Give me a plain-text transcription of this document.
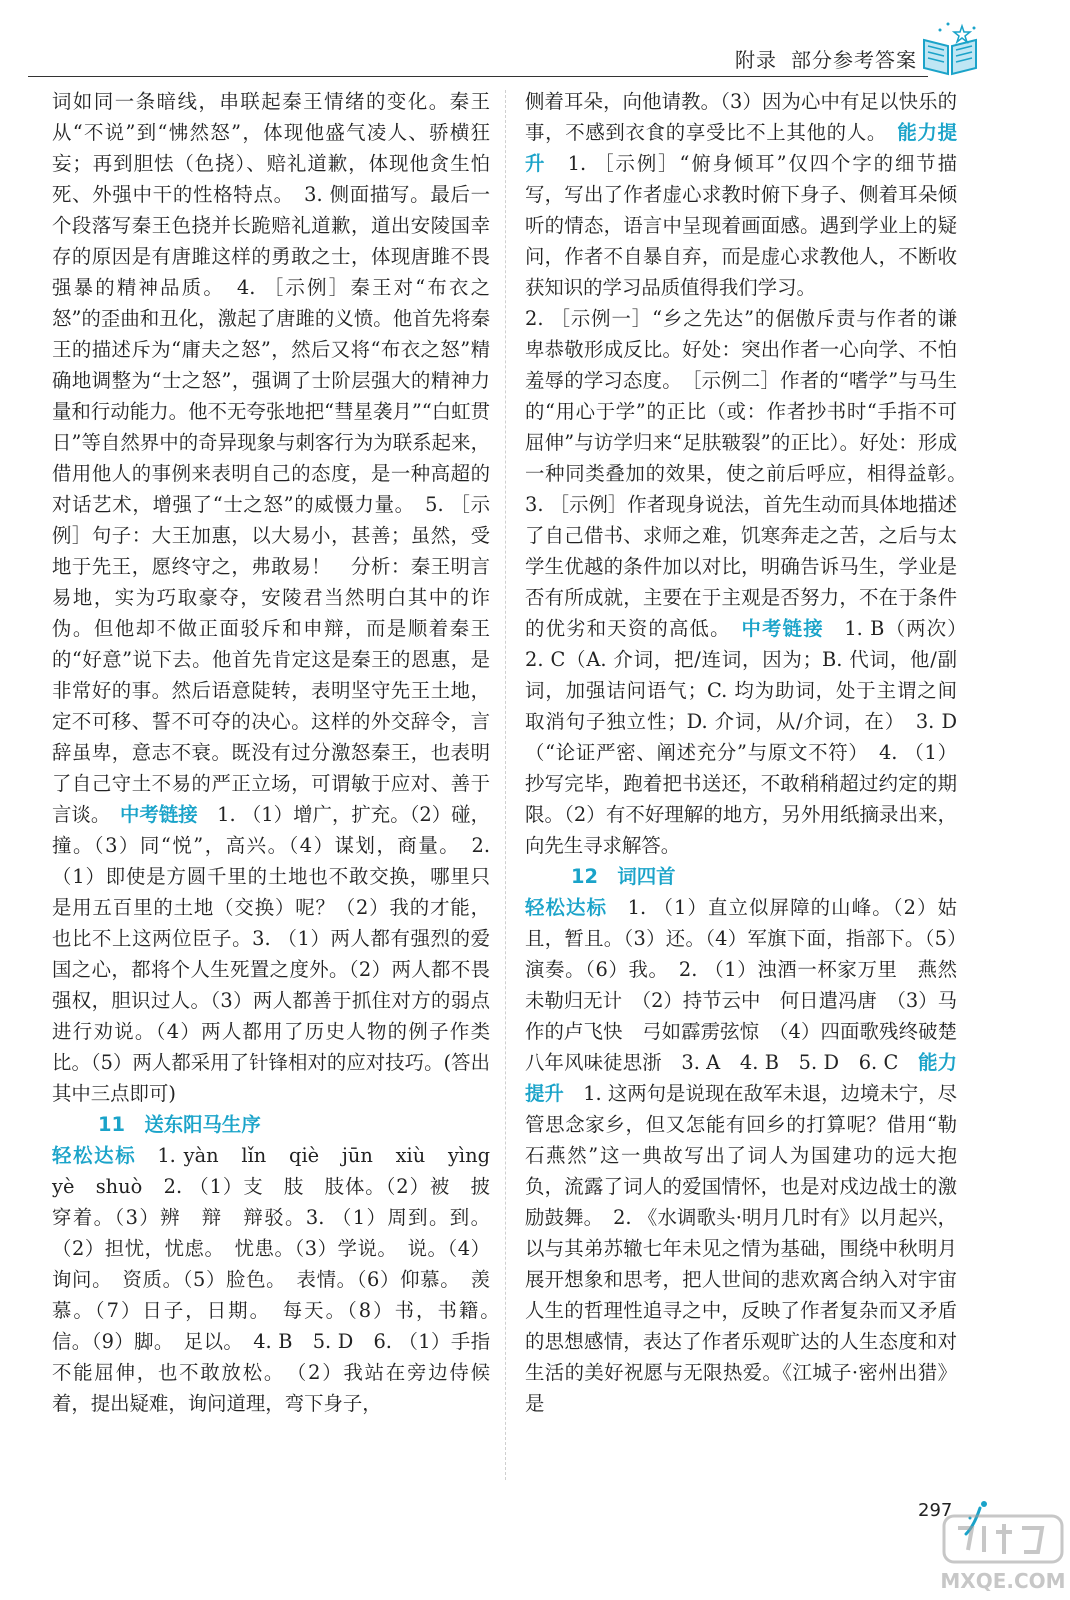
附录 部分参考答案

词如同一条暗线，串联起秦王情绪的变化。秦王从“不说”到“怫然怒”，体现他盛气凌人、骄横狂妄；再到胆怯（色挠）、赔礼道歉，体现他贪生怕死、外强中干的性格特点。　3. 侧面描写。最后一个段落写秦王色挠并长跪赔礼道歉，道出安陵国幸存的原因是有唐雎这样的勇敢之士，体现唐雎不畏强暴的精神品质。　4. ［示例］秦王对“布衣之怒”的歪曲和丑化，激起了唐雎的义愤。他首先将秦王的描述斥为“庸夫之怒”，然后又将“布衣之怒”精确地调整为“士之怒”，强调了士阶层强大的精神力量和行动能力。他不无夸张地把“彗星袭月”“白虹贯日”等自然界中的奇异现象与刺客行为为联系起来，借用他人的事例来表明自己的态度，是一种高超的对话艺术，增强了“士之怒”的威慑力量。　5. ［示例］句子：大王加惠，以大易小，甚善；虽然，受地于先王，愿终守之，弗敢易！　分析：秦王明言易地，实为巧取豪夺，安陵君当然明白其中的诈伪。但他却不做正面驳斥和申辩，而是顺着秦王的“好意”说下去。他首先肯定这是秦王的恩惠，是非常好的事。然后语意陡转，表明坚守先王土地，定不可移、誓不可夺的决心。这样的外交辞令，言辞虽卑，意志不衰。既没有过分激怒秦王，也表明了自己守土不易的严正立场，可谓敏于应对、善于言谈。　中考链接　1. （1）增广，扩充。（2）碰，撞。（3）同“悦”，高兴。（4）谋划，商量。　2. （1）即使是方圆千里的土地也不敢交换，哪里只是用五百里的土地（交换）呢？（2）我的才能，也比不上这两位臣子。3. （1）两人都有强烈的爱国之心，都将个人生死置之度外。（2）两人都不畏强权，胆识过人。（3）两人都善于抓住对方的弱点进行劝说。（4）两人都用了历史人物的例子作类比。（5）两人都采用了针锋相对的应对技巧。(答出其中三点即可)

11　送东阳马生序

轻松达标　1. yàn　lǐn　qiè　jūn　xiù　yìng　yè　shuò　2. （1）支　肢　肢体。（2）被　披　穿着。（3）辨　辩　辩驳。3. （1）周到。到。（2）担忧，忧虑。　忧患。（3）学说。　说。（4）询问。　资质。（5）脸色。　表情。（6）仰慕。　羡慕。（7）日子，日期。　每天。（8）书，书籍。　信。（9）脚。　足以。　4. B　5. D　6. （1）手指不能屈伸，也不敢放松。　（2）我站在旁边侍候着，提出疑难，询问道理，弯下身子，

侧着耳朵，向他请教。（3）因为心中有足以快乐的事，不感到衣食的享受比不上其他的人。　能力提升　1. ［示例］“俯身倾耳”仅四个字的细节描写，写出了作者虚心求教时俯下身子、侧着耳朵倾听的情态，语言中呈现着画面感。遇到学业上的疑问，作者不自暴自弃，而是虚心求教他人，不断收获知识的学习品质值得我们学习。

2. ［示例一］“乡之先达”的倨傲斥责与作者的谦卑恭敬形成反比。好处：突出作者一心向学、不怕羞辱的学习态度。　［示例二］作者的“嗜学”与马生的“用心于学”的正比（或：作者抄书时“手指不可屈伸”与访学归来“足肤皲裂”的正比）。好处：形成一种同类叠加的效果，使之前后呼应，相得益彰。　3. ［示例］作者现身说法，首先生动而具体地描述了自己借书、求师之难，饥寒奔走之苦，之后与太学生优越的条件加以对比，明确告诉马生，学业是否有所成就，主要在于主观是否努力，不在于条件的优劣和天资的高低。　中考链接　1. B（两次）　2. C（A. 介词，把/连词，因为；B. 代词，他/副词，加强诘问语气；C. 均为助词，处于主谓之间取消句子独立性；D. 介词，从/介词，在）　3. D（“论证严密、阐述充分”与原文不符）　4. （1）抄写完毕，跑着把书送还，不敢稍稍超过约定的期限。（2）有不好理解的地方，另外用纸摘录出来，向先生寻求解答。

12　词四首

轻松达标　1. （1）直立似屏障的山峰。（2）姑且，暂且。（3）还。（4）军旗下面，指部下。（5）演奏。（6）我。　2. （1）浊酒一杯家万里　燕然未勒归无计　（2）持节云中　何日遣冯唐　（3）马作的卢飞快　弓如霹雳弦惊　（4）四面歌残终破楚　八年风味徒思浙　3. A　4. B　5. D　6. C　能力提升　1. 这两句是说现在敌军未退，边境未宁，尽管思念家乡，但又怎能有回乡的打算呢？借用“勒石燕然”这一典故写出了词人为国建功的远大抱负，流露了词人的爱国情怀，也是对戍边战士的激励鼓舞。　2. 《水调歌头·明月几时有》以月起兴，以与其弟苏辙七年未见之情为基础，围绕中秋明月展开想象和思考，把人世间的悲欢离合纳入对宇宙人生的哲理性追寻之中，反映了作者复杂而又矛盾的思想感情，表达了作者乐观旷达的人生态度和对生活的美好祝愿与无限热爱。《江城子·密州出猎》是

297
MXQE.COM
